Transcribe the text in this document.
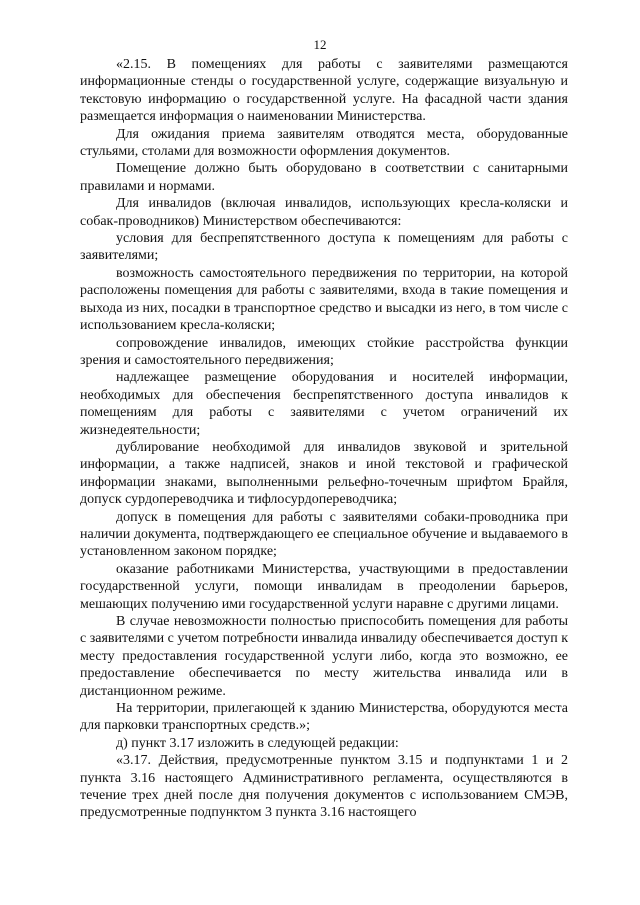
12

«2.15. В помещениях для работы с заявителями размещаются информационные стенды о государственной услуге, содержащие визуальную и текстовую информацию о государственной услуге. На фасадной части здания размещается информация о наименовании Министерства.

Для ожидания приема заявителям отводятся места, оборудованные стульями, столами для возможности оформления документов.

Помещение должно быть оборудовано в соответствии с санитарными правилами и нормами.

Для инвалидов (включая инвалидов, использующих кресла-коляски и собак-проводников) Министерством обеспечиваются:

условия для беспрепятственного доступа к помещениям для работы с заявителями;

возможность самостоятельного передвижения по территории, на которой расположены помещения для работы с заявителями, входа в такие помещения и выхода из них, посадки в транспортное средство и высадки из него, в том числе с использованием кресла-коляски;

сопровождение инвалидов, имеющих стойкие расстройства функции зрения и самостоятельного передвижения;

надлежащее размещение оборудования и носителей информации, необходимых для обеспечения беспрепятственного доступа инвалидов к помещениям для работы с заявителями с учетом ограничений их жизнедеятельности;

дублирование необходимой для инвалидов звуковой и зрительной информации, а также надписей, знаков и иной текстовой и графической информации знаками, выполненными рельефно-точечным шрифтом Брайля, допуск сурдопереводчика и тифлосурдопереводчика;

допуск в помещения для работы с заявителями собаки-проводника при наличии документа, подтверждающего ее специальное обучение и выдаваемого в установленном законом порядке;

оказание работниками Министерства, участвующими в предоставлении государственной услуги, помощи инвалидам в преодолении барьеров, мешающих получению ими государственной услуги наравне с другими лицами.

В случае невозможности полностью приспособить помещения для работы с заявителями с учетом потребности инвалида инвалиду обеспечивается доступ к месту предоставления государственной услуги либо, когда это возможно, ее предоставление обеспечивается по месту жительства инвалида или в дистанционном режиме.

На территории, прилегающей к зданию Министерства, оборудуются места для парковки транспортных средств.»;

д) пункт 3.17 изложить в следующей редакции:

«3.17. Действия, предусмотренные пунктом 3.15 и подпунктами 1 и 2 пункта 3.16 настоящего Административного регламента, осуществляются в течение трех дней после дня получения документов с использованием СМЭВ, предусмотренные подпунктом 3 пункта 3.16 настоящего
